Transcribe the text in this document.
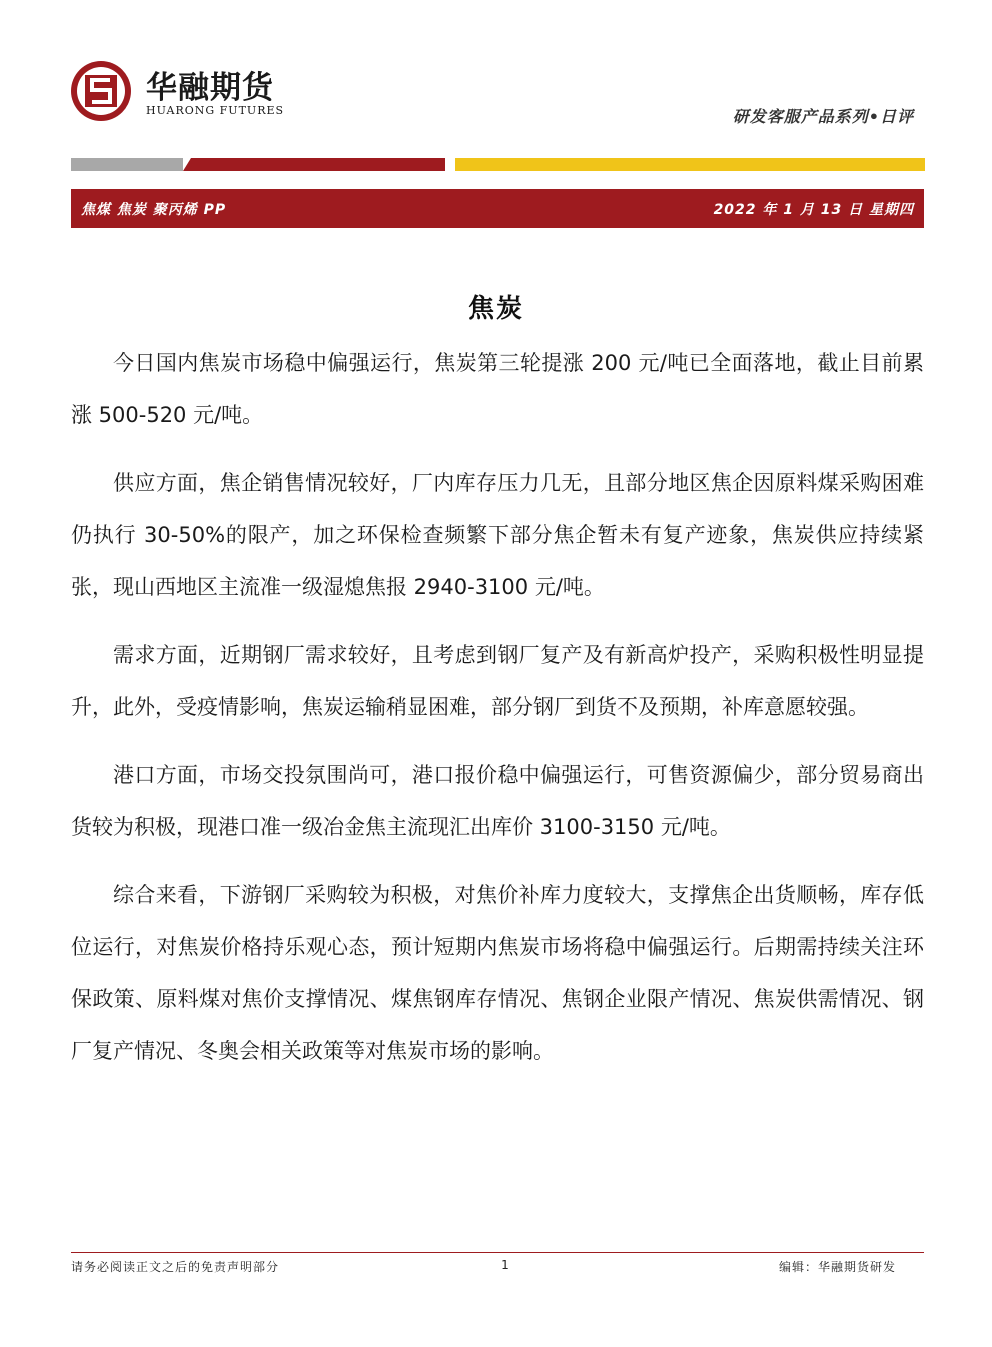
华融期货
HUARONG FUTURES	研发客服产品系列•日评
焦煤 焦炭 聚丙烯 PP	2022 年 1 月 13 日 星期四
焦炭

今日国内焦炭市场稳中偏强运行，焦炭第三轮提涨 200 元/吨已全面落地，截止目前累涨 500-520 元/吨。

供应方面，焦企销售情况较好，厂内库存压力几无，且部分地区焦企因原料煤采购困难仍执行 30-50%的限产，加之环保检查频繁下部分焦企暂未有复产迹象，焦炭供应持续紧张，现山西地区主流准一级湿熄焦报 2940-3100 元/吨。

需求方面，近期钢厂需求较好，且考虑到钢厂复产及有新高炉投产，采购积极性明显提升，此外，受疫情影响，焦炭运输稍显困难，部分钢厂到货不及预期，补库意愿较强。

港口方面，市场交投氛围尚可，港口报价稳中偏强运行，可售资源偏少，部分贸易商出货较为积极，现港口准一级冶金焦主流现汇出库价 3100-3150 元/吨。

综合来看，下游钢厂采购较为积极，对焦价补库力度较大，支撑焦企出货顺畅，库存低位运行，对焦炭价格持乐观心态，预计短期内焦炭市场将稳中偏强运行。后期需持续关注环保政策、原料煤对焦价支撑情况、煤焦钢库存情况、焦钢企业限产情况、焦炭供需情况、钢厂复产情况、冬奥会相关政策等对焦炭市场的影响。

请务必阅读正文之后的免责声明部分	1	编辑：华融期货研发
